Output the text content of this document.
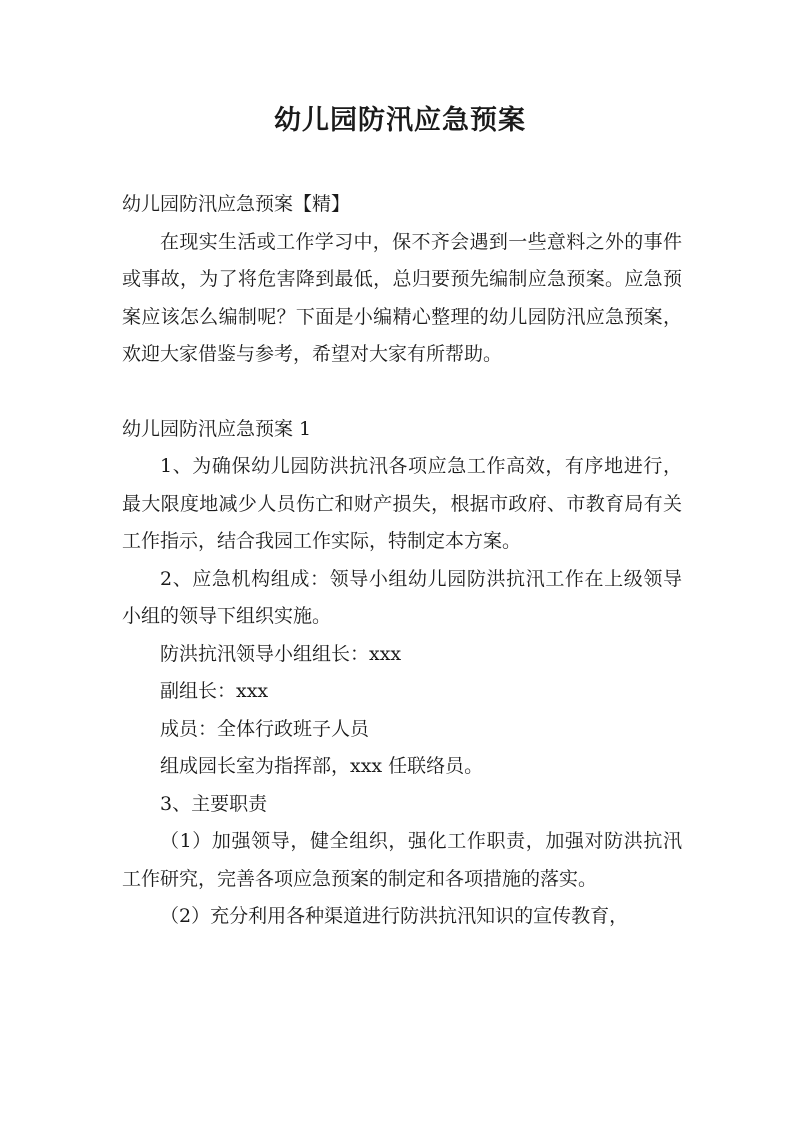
幼儿园防汛应急预案

幼儿园防汛应急预案【精】

在现实生活或工作学习中，保不齐会遇到一些意料之外的事件或事故，为了将危害降到最低，总归要预先编制应急预案。应急预案应该怎么编制呢？下面是小编精心整理的幼儿园防汛应急预案，欢迎大家借鉴与参考，希望对大家有所帮助。

幼儿园防汛应急预案 1

1、为确保幼儿园防洪抗汛各项应急工作高效，有序地进行，最大限度地减少人员伤亡和财产损失，根据市政府、市教育局有关工作指示，结合我园工作实际，特制定本方案。

2、应急机构组成：领导小组幼儿园防洪抗汛工作在上级领导小组的领导下组织实施。

防洪抗汛领导小组组长：xxx

副组长：xxx

成员：全体行政班子人员

组成园长室为指挥部，xxx 任联络员。

3、主要职责

（1）加强领导，健全组织，强化工作职责，加强对防洪抗汛工作研究，完善各项应急预案的制定和各项措施的落实。

（2）充分利用各种渠道进行防洪抗汛知识的宣传教育，
